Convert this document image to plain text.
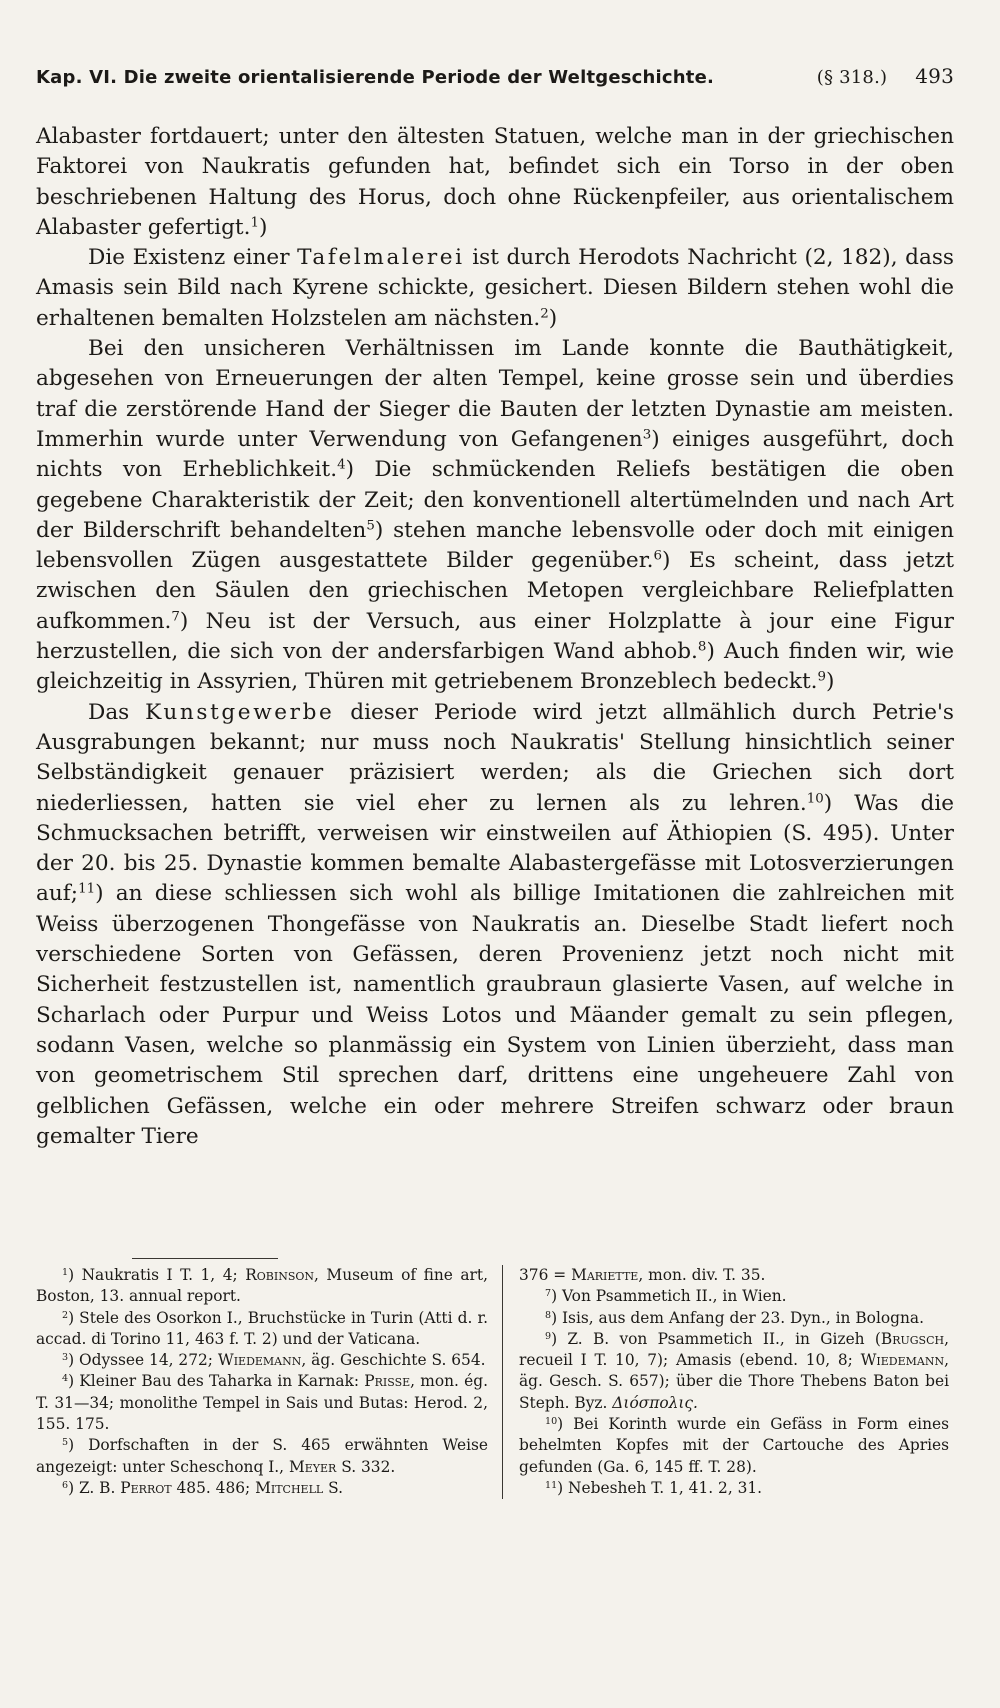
Kap. VI. Die zweite orientalisierende Periode der Weltgeschichte.	(§ 318.) 493

Alabaster fortdauert; unter den ältesten Statuen, welche man in der griechischen Faktorei von Naukratis gefunden hat, befindet sich ein Torso in der oben beschriebenen Haltung des Horus, doch ohne Rückenpfeiler, aus orientalischem Alabaster gefertigt.$^1$)

Die Existenz einer Tafelmalerei ist durch Herodots Nachricht (2, 182), dass Amasis sein Bild nach Kyrene schickte, gesichert. Diesen Bildern stehen wohl die erhaltenen bemalten Holzstelen am nächsten.$^2$)

Bei den unsicheren Verhältnissen im Lande konnte die Bauthätigkeit, abgesehen von Erneuerungen der alten Tempel, keine grosse sein und überdies traf die zerstörende Hand der Sieger die Bauten der letzten Dynastie am meisten. Immerhin wurde unter Verwendung von Gefangenen$^3$) einiges ausgeführt, doch nichts von Erheblichkeit.$^4$) Die schmückenden Reliefs bestätigen die oben gegebene Charakteristik der Zeit; den konventionell altertümelnden und nach Art der Bilderschrift behandelten$^5$) stehen manche lebensvolle oder doch mit einigen lebensvollen Zügen ausgestattete Bilder gegenüber.$^6$) Es scheint, dass jetzt zwischen den Säulen den griechischen Metopen vergleichbare Reliefplatten aufkommen.$^7$) Neu ist der Versuch, aus einer Holzplatte à jour eine Figur herzustellen, die sich von der andersfarbigen Wand abhob.$^8$) Auch finden wir, wie gleichzeitig in Assyrien, Thüren mit getriebenem Bronzeblech bedeckt.$^9$)

Das Kunstgewerbe dieser Periode wird jetzt allmählich durch Petrie's Ausgrabungen bekannt; nur muss noch Naukratis' Stellung hinsichtlich seiner Selbständigkeit genauer präzisiert werden; als die Griechen sich dort niederliessen, hatten sie viel eher zu lernen als zu lehren.$^{10}$) Was die Schmucksachen betrifft, verweisen wir einstweilen auf Äthiopien (S. 495). Unter der 20. bis 25. Dynastie kommen bemalte Alabastergefässe mit Lotosverzierungen auf;$^{11}$) an diese schliessen sich wohl als billige Imitationen die zahlreichen mit Weiss überzogenen Thongefässe von Naukratis an. Dieselbe Stadt liefert noch verschiedene Sorten von Gefässen, deren Provenienz jetzt noch nicht mit Sicherheit festzustellen ist, namentlich graubraun glasierte Vasen, auf welche in Scharlach oder Purpur und Weiss Lotos und Mäander gemalt zu sein pflegen, sodann Vasen, welche so planmässig ein System von Linien überzieht, dass man von geometrischem Stil sprechen darf, drittens eine ungeheuere Zahl von gelblichen Gefässen, welche ein oder mehrere Streifen schwarz oder braun gemalter Tiere

$^1$) Naukratis I T. 1, 4; Robinson, Museum of fine art, Boston, 13. annual report.

$^2$) Stele des Osorkon I., Bruchstücke in Turin (Atti d. r. accad. di Torino 11, 463 f. T. 2) und der Vaticana.

$^3$) Odyssee 14, 272; Wiedemann, äg. Geschichte S. 654.

$^4$) Kleiner Bau des Taharka in Karnak: Prisse, mon. ég. T. 31—34; monolithe Tempel in Sais und Butas: Herod. 2, 155. 175.

$^5$) Dorfschaften in der S. 465 erwähnten Weise angezeigt: unter Scheschonq I., Meyer S. 332.

$^6$) Z. B. Perrot 485. 486; Mitchell S.

376 = Mariette, mon. div. T. 35.

$^7$) Von Psammetich II., in Wien.

$^8$) Isis, aus dem Anfang der 23. Dyn., in Bologna.

$^9$) Z. B. von Psammetich II., in Gizeh (Brugsch, recueil I T. 10, 7); Amasis (ebend. 10, 8; Wiedemann, äg. Gesch. S. 657); über die Thore Thebens Baton bei Steph. Byz. Διόσπολις.

$^{10}$) Bei Korinth wurde ein Gefäss in Form eines behelmten Kopfes mit der Cartouche des Apries gefunden (Ga. 6, 145 ff. T. 28).

$^{11}$) Nebesheh T. 1, 41. 2, 31.
